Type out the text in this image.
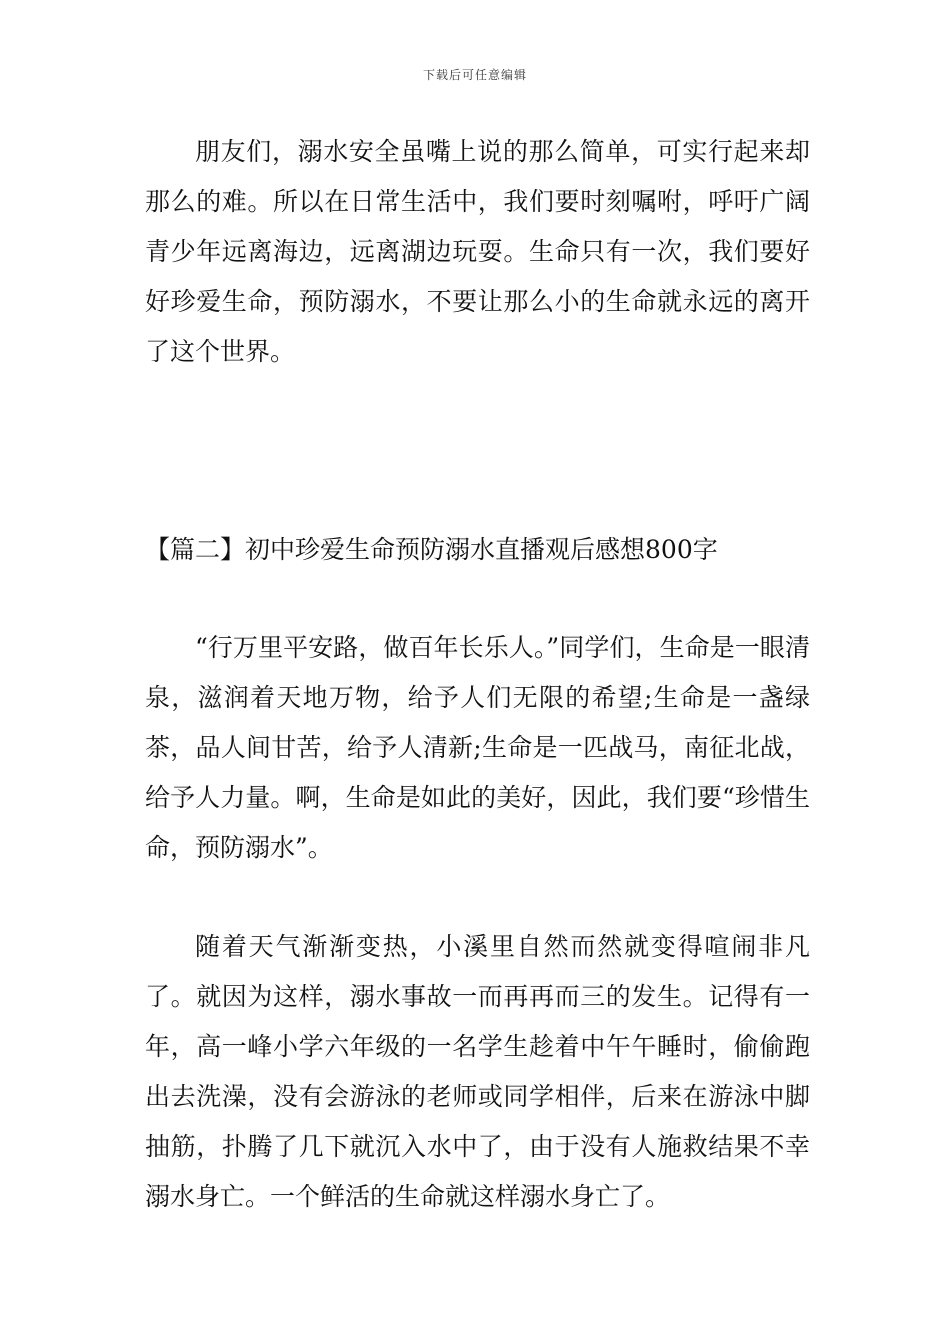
下载后可任意编辑

朋友们，溺水安全虽嘴上说的那么简单，可实行起来却那么的难。所以在日常生活中，我们要时刻嘱咐，呼吁广阔青少年远离海边，远离湖边玩耍。生命只有一次，我们要好好珍爱生命，预防溺水，不要让那么小的生命就永远的离开了这个世界。

【篇二】初中珍爱生命预防溺水直播观后感想800字

“行万里平安路，做百年长乐人。”同学们，生命是一眼清泉，滋润着天地万物，给予人们无限的希望;生命是一盏绿茶，品人间甘苦，给予人清新;生命是一匹战马，南征北战，给予人力量。啊，生命是如此的美好，因此，我们要“珍惜生命，预防溺水”。

随着天气渐渐变热，小溪里自然而然就变得喧闹非凡了。就因为这样，溺水事故一而再再而三的发生。记得有一年，高一峰小学六年级的一名学生趁着中午午睡时，偷偷跑出去洗澡，没有会游泳的老师或同学相伴，后来在游泳中脚抽筋，扑腾了几下就沉入水中了，由于没有人施救结果不幸溺水身亡。一个鲜活的生命就这样溺水身亡了。
